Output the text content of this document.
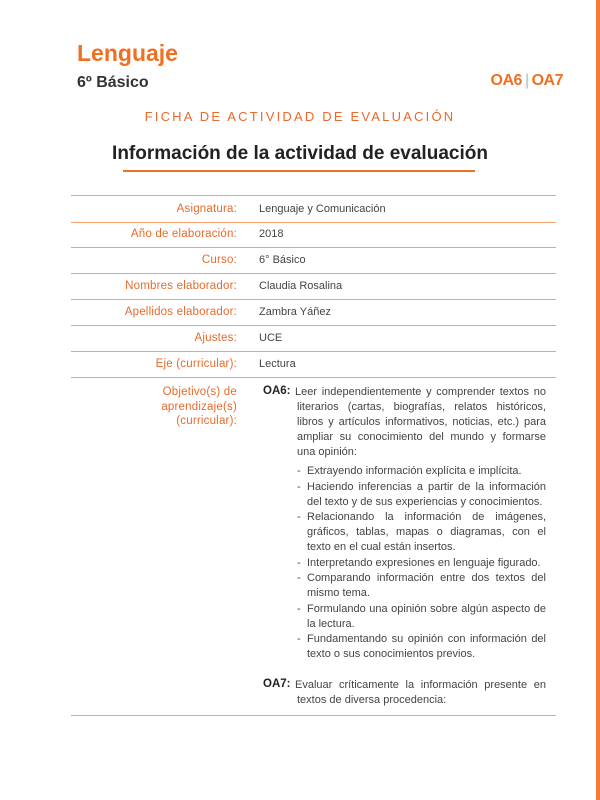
Lenguaje
6º Básico	OA6 | OA7
FICHA DE ACTIVIDAD DE EVALUACIÓN
Información de la actividad de evaluación
Asignatura: Lenguaje y Comunicación
Año de elaboración: 2018
Curso: 6° Básico
Nombres elaborador: Claudia Rosalina
Apellidos elaborador: Zambra Yáñez
Ajustes: UCE
Eje (curricular): Lectura
Objetivo(s) de
aprendizaje(s)
(curricular):
OA6: Leer independientemente y comprender textos no literarios (cartas, biografías, relatos históricos, libros y artículos informativos, noticias, etc.) para ampliar su conocimiento del mundo y formarse una opinión:
- Extrayendo información explícita e implícita.
- Haciendo inferencias a partir de la información del texto y de sus experiencias y conocimientos.
- Relacionando la información de imágenes, gráficos, tablas, mapas o diagramas, con el texto en el cual están insertos.
- Interpretando expresiones en lenguaje figurado.
- Comparando información entre dos textos del mismo tema.
- Formulando una opinión sobre algún aspecto de la lectura.
- Fundamentando su opinión con información del texto o sus conocimientos previos.
OA7: Evaluar críticamente la información presente en textos de diversa procedencia:
